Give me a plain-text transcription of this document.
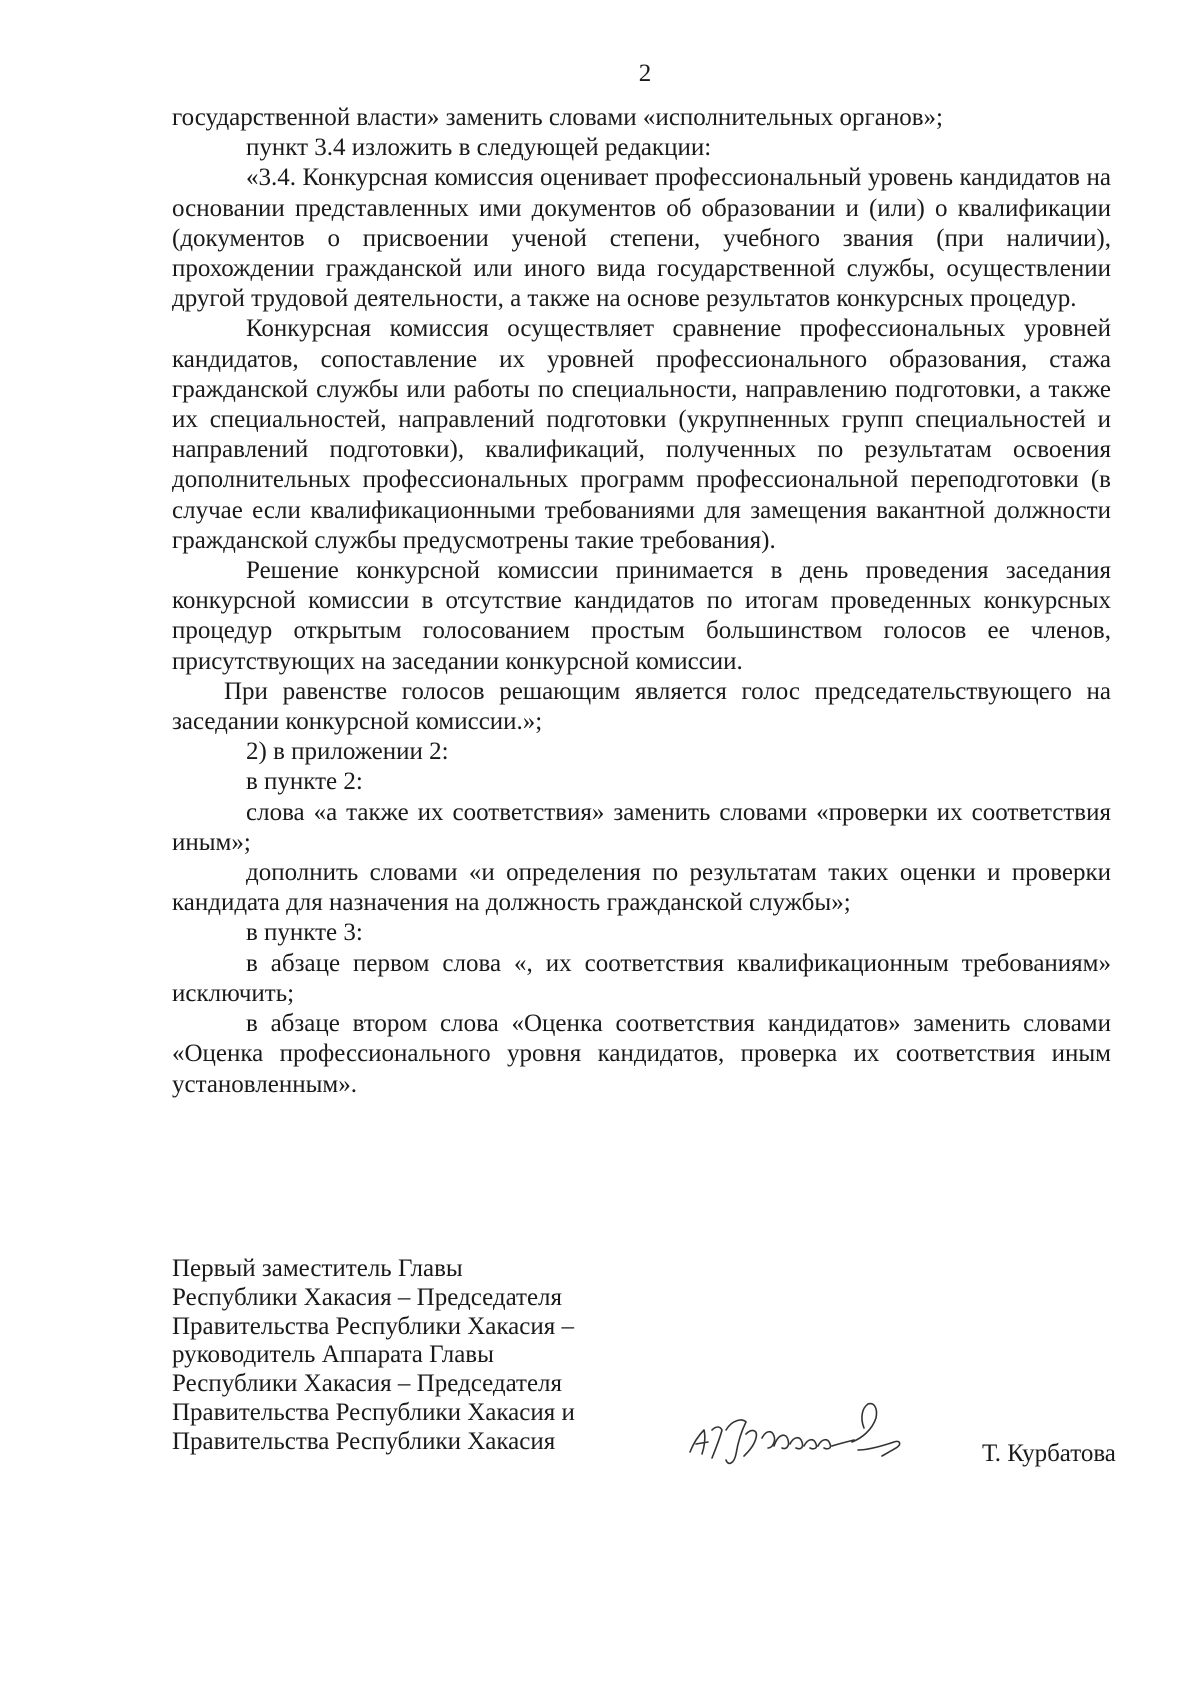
2

государственной власти» заменить словами «исполнительных органов»;

пункт 3.4 изложить в следующей редакции:

«3.4. Конкурсная комиссия оценивает профессиональный уровень кандидатов на основании представленных ими документов об образовании и (или) о квалификации (документов о присвоении ученой степени, учебного звания (при наличии), прохождении гражданской или иного вида государственной службы, осуществлении другой трудовой деятельности, а также на основе результатов конкурсных процедур.

Конкурсная комиссия осуществляет сравнение профессиональных уровней кандидатов, сопоставление их уровней профессионального образования, стажа гражданской службы или работы по специальности, направлению подготовки, а также их специальностей, направлений подготовки (укрупненных групп специальностей и направлений подготовки), квалификаций, полученных по результатам освоения дополнительных профессиональных программ профессиональной переподготовки (в случае если квалификационными требованиями для замещения вакантной должности гражданской службы предусмотрены такие требования).

Решение конкурсной комиссии принимается в день проведения заседания конкурсной комиссии в отсутствие кандидатов по итогам проведенных конкурсных процедур открытым голосованием простым большинством голосов ее членов, присутствующих на заседании конкурсной комиссии.

При равенстве голосов решающим является голос председательствующего на заседании конкурсной комиссии.»;

2) в приложении 2:

в пункте 2:

слова «а также их соответствия» заменить словами «проверки их соответствия иным»;

дополнить словами «и определения по результатам таких оценки и проверки кандидата для назначения на должность гражданской службы»;

в пункте 3:

в абзаце первом слова «, их соответствия квалификационным требованиям» исключить;

в абзаце втором слова «Оценка соответствия кандидатов» заменить словами «Оценка профессионального уровня кандидатов, проверка их соответствия иным установленным».

Первый заместитель Главы
Республики Хакасия – Председателя
Правительства Республики Хакасия –
руководитель Аппарата Главы
Республики Хакасия – Председателя
Правительства Республики Хакасия и
Правительства Республики Хакасия	Т. Курбатова
